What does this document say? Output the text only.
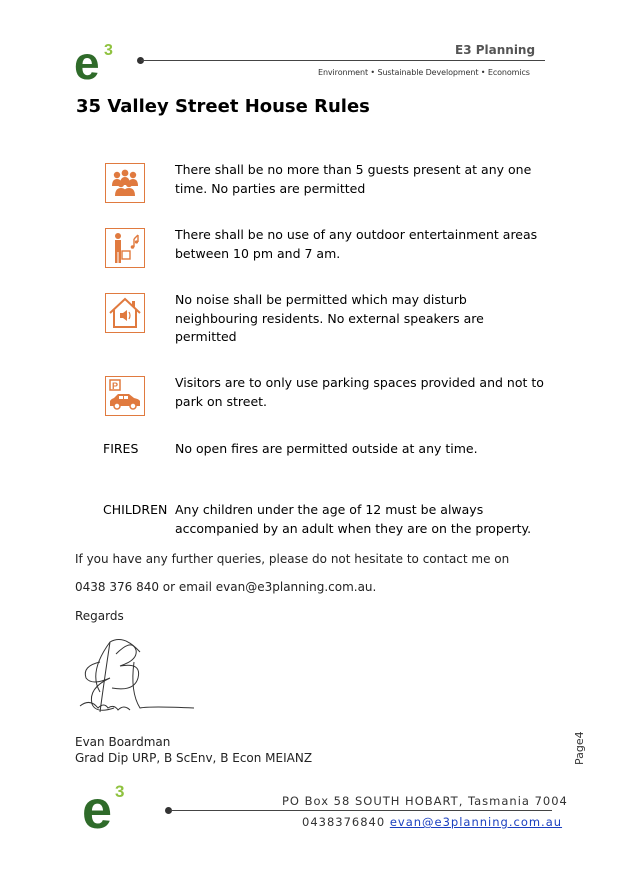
e 3	E3 Planning
Environment • Sustainable Development • Economics
35 Valley Street House Rules
There shall be no more than 5 guests present at any one time. No parties are permitted
There shall be no use of any outdoor entertainment areas between 10 pm and 7 am.
No noise shall be permitted which may disturb neighbouring residents. No external speakers are permitted
P	Visitors are to only use parking spaces provided and not to park on street.
FIRES	No open fires are permitted outside at any time.
CHILDREN Any children under the age of 12 must be always accompanied by an adult when they are on the property.
If you have any further queries, please do not hesitate to contact me on
0438 376 840 or email evan@e3planning.com.au.
Regards
Evan Boardman
Grad Dip URP, B ScEnv, B Econ MEIANZ	Page4
e 3	PO Box 58 SOUTH HOBART, Tasmania 7004
0438376840 evan@e3planning.com.au
